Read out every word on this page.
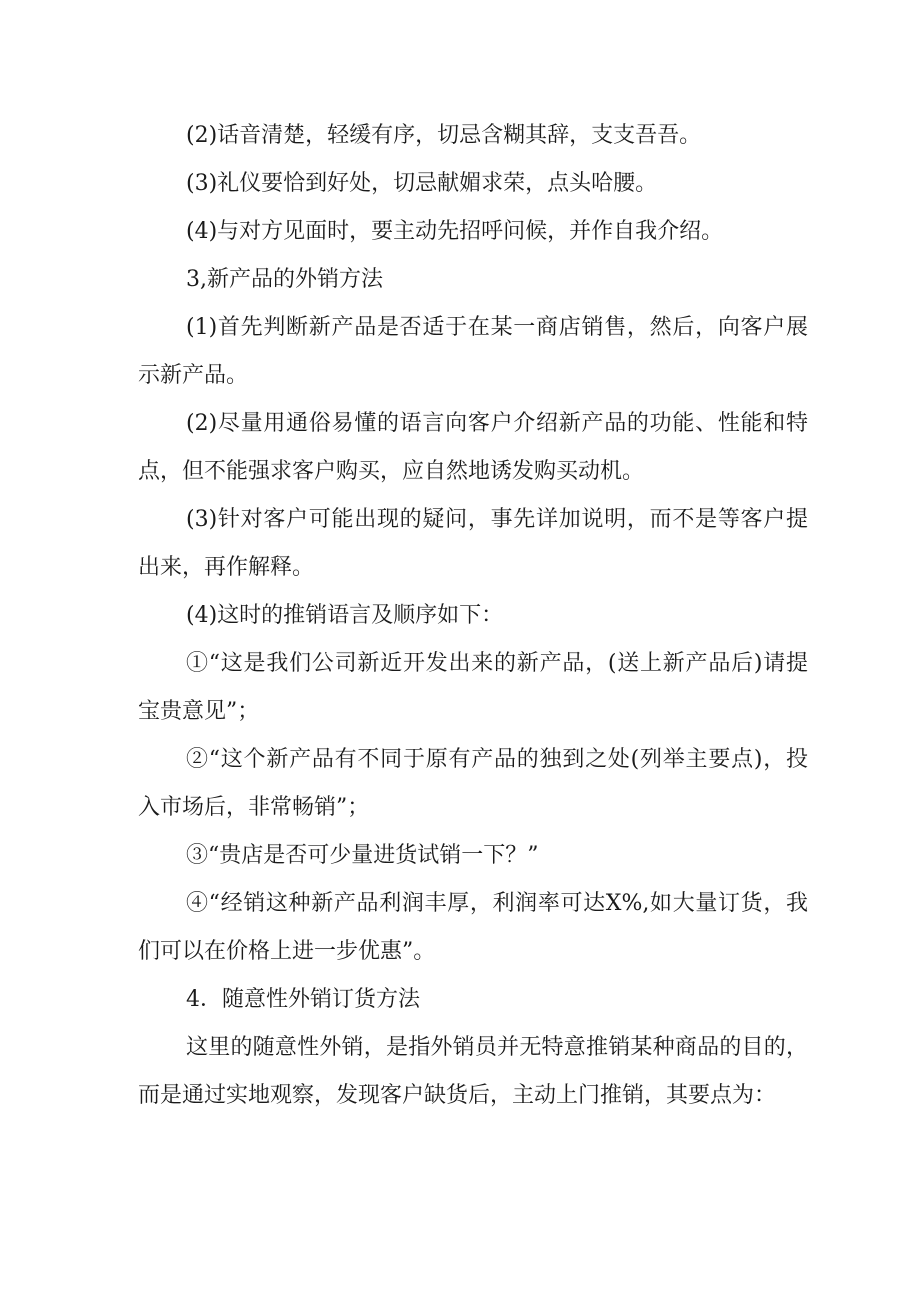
(2)话音清楚，轻缓有序，切忌含糊其辞，支支吾吾。

(3)礼仪要恰到好处，切忌献媚求荣，点头哈腰。

(4)与对方见面时，要主动先招呼问候，并作自我介绍。

3,新产品的外销方法

(1)首先判断新产品是否适于在某一商店销售，然后，向客户展示新产品。

(2)尽量用通俗易懂的语言向客户介绍新产品的功能、性能和特点，但不能强求客户购买，应自然地诱发购买动机。

(3)针对客户可能出现的疑问，事先详加说明，而不是等客户提出来，再作解释。

(4)这时的推销语言及顺序如下：

①“这是我们公司新近开发出来的新产品，(送上新产品后)请提宝贵意见”；

②“这个新产品有不同于原有产品的独到之处(列举主要点)，投入市场后，非常畅销”；

③“贵店是否可少量进货试销一下？”

④“经销这种新产品利润丰厚，利润率可达X%,如大量订货，我们可以在价格上进一步优惠”。

4．随意性外销订货方法

这里的随意性外销，是指外销员并无特意推销某种商品的目的，而是通过实地观察，发现客户缺货后，主动上门推销，其要点为：
